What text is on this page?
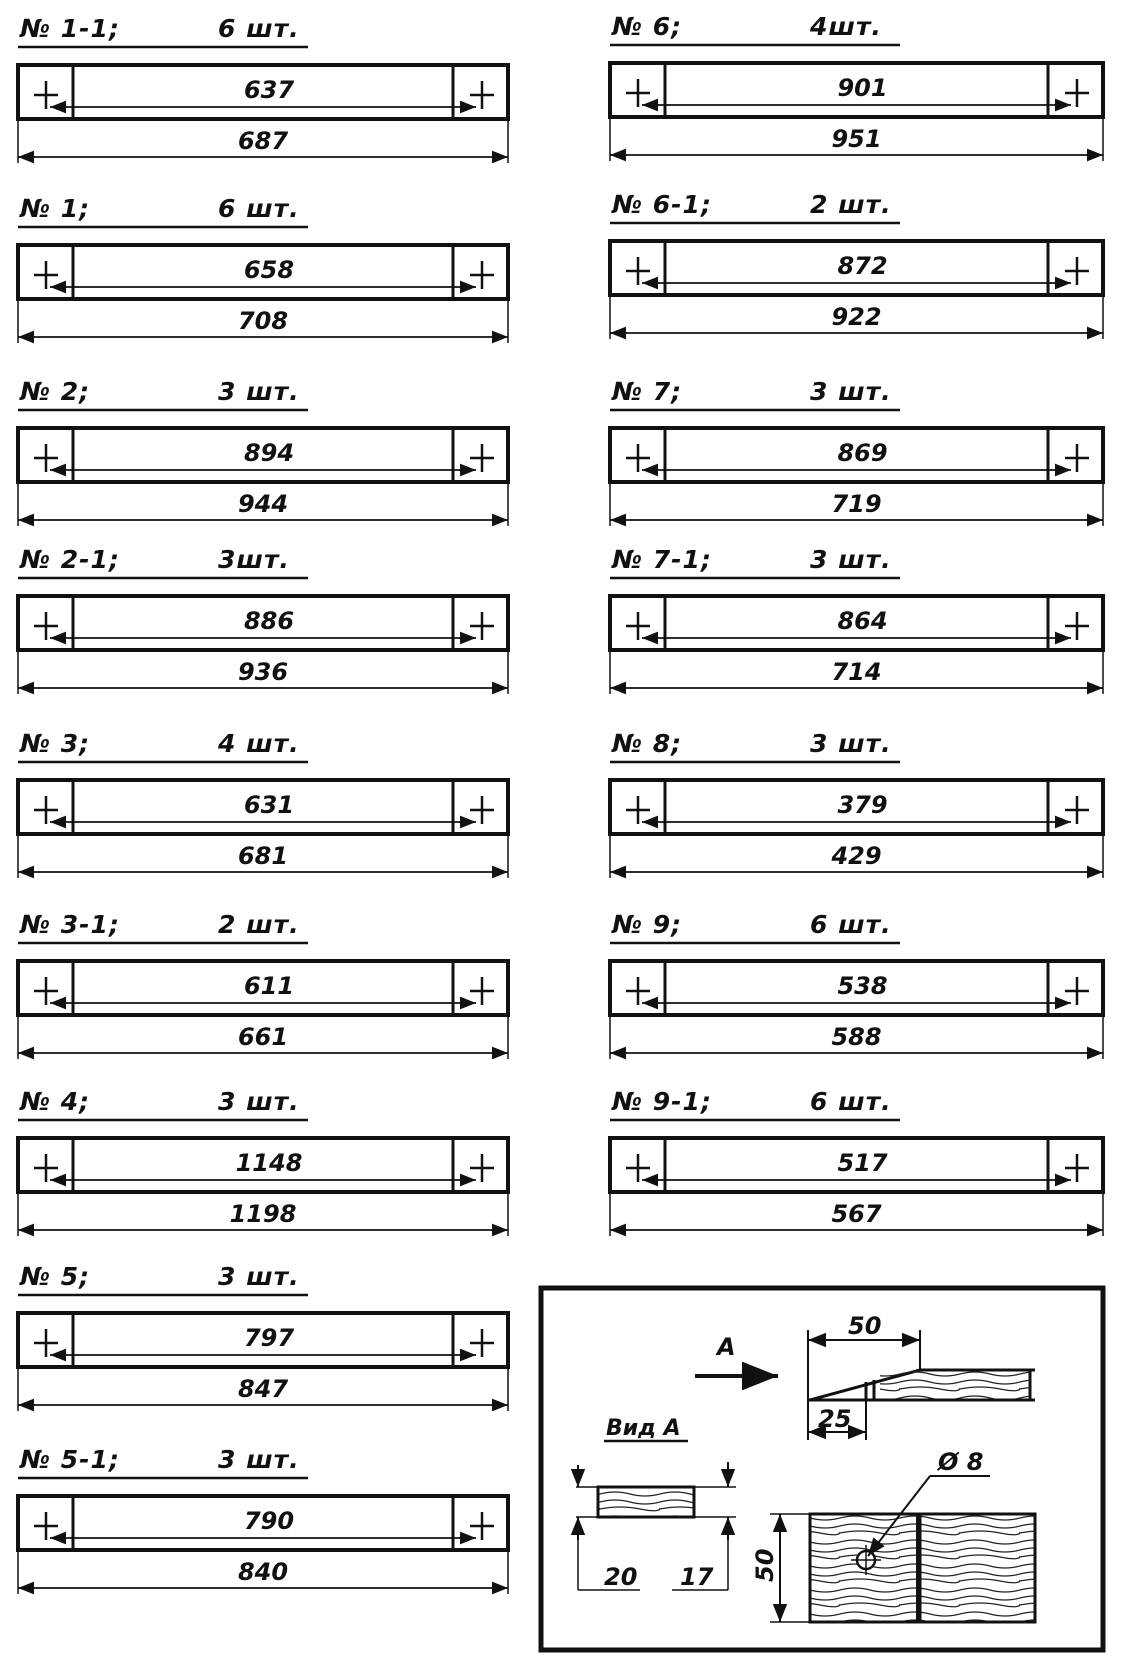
№ 1-1;	6 шт.
637
687
№ 1;	6 шт.
658
708
№ 2;	3 шт.
894
944
№ 2-1;	3шт.
886
936
№ 3;	4 шт.
631
681
№ 3-1;	2 шт.
611
661
№ 4;	3 шт.
1148
1198
№ 5;	3 шт.
797
847
№ 5-1;	3 шт.
790
840
№ 6;	4шт.
901
951
№ 6-1;	2 шт.
872
922
№ 7;	3 шт.
869
719
№ 7-1;	3 шт.
864
714
№ 8;	3 шт.
379
429
№ 9;	6 шт.
538
588
№ 9-1;	6 шт.
517
567
A
50
25
Вид А
20 17
Ø 8
50
